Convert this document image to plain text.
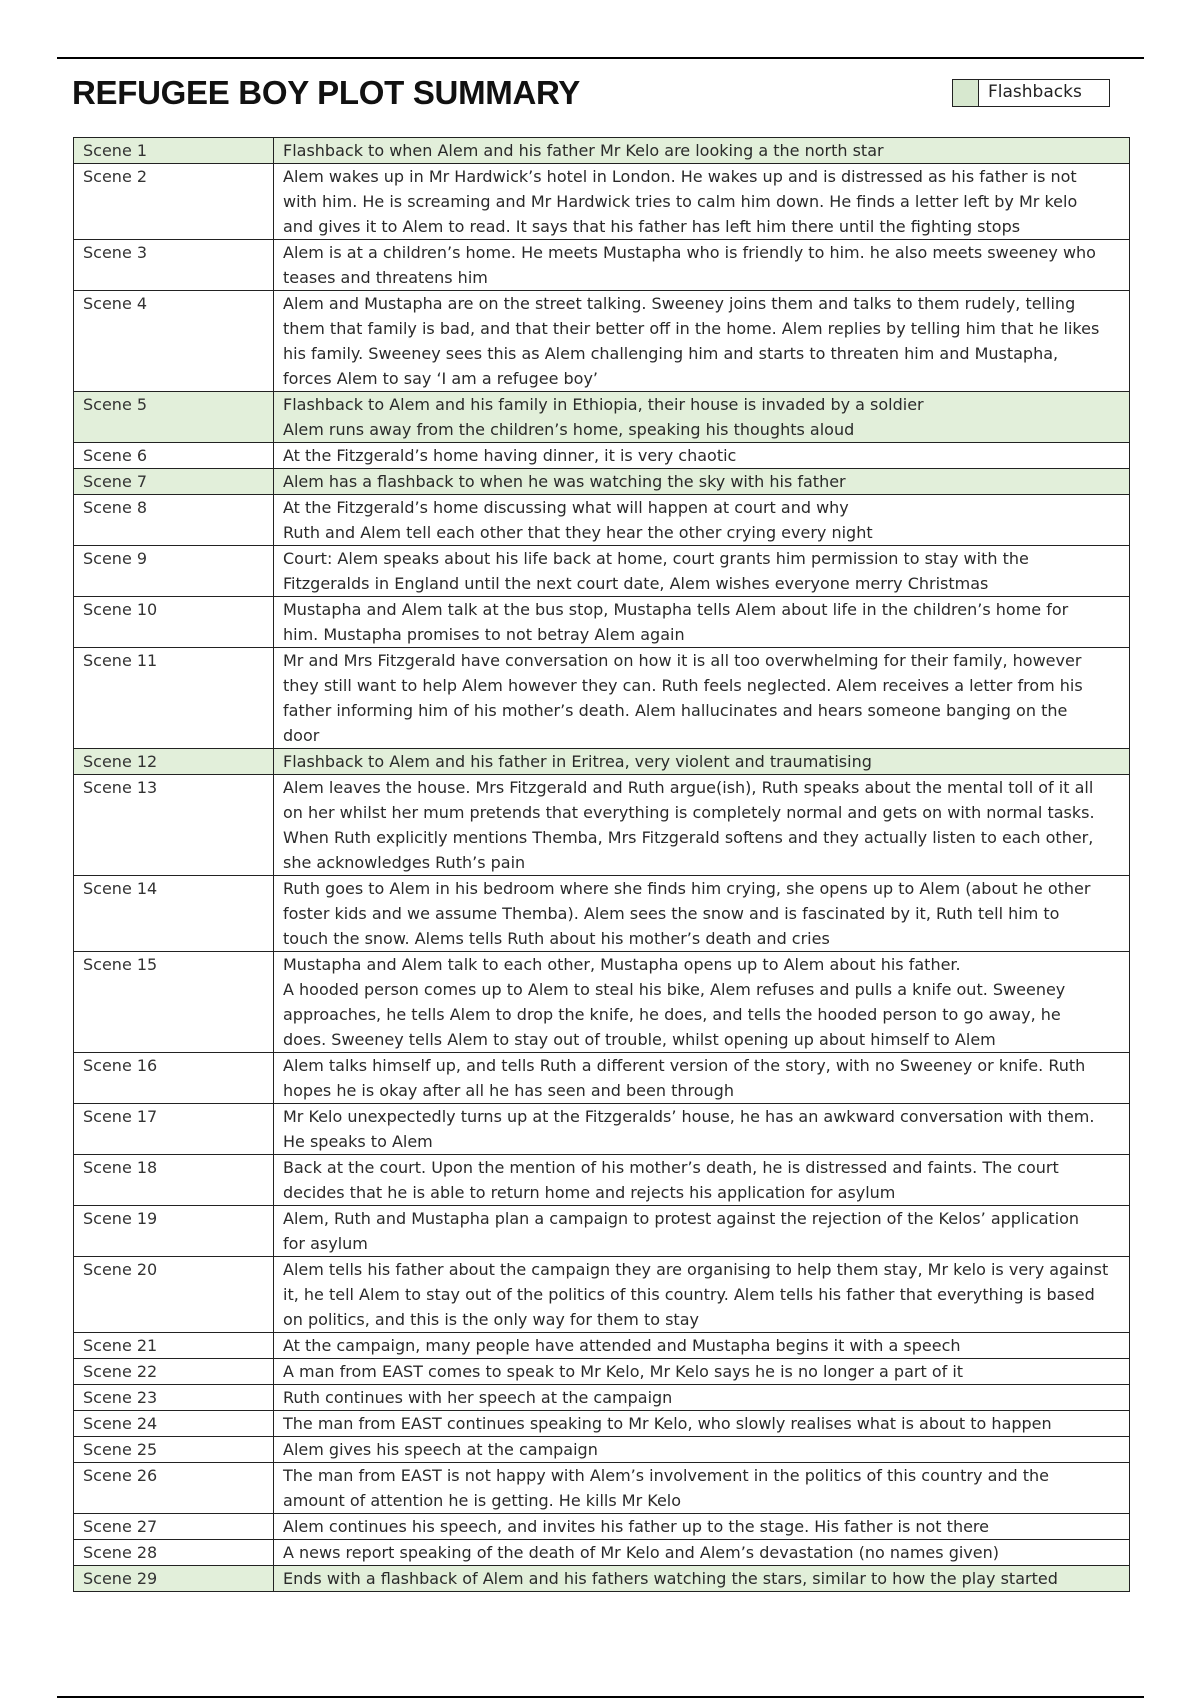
REFUGEE BOY PLOT SUMMARY	Flashbacks
Scene 1	Flashback to when Alem and his father Mr Kelo are looking a the north star

Scene 2	Alem wakes up in Mr Hardwick’s hotel in London. He wakes up and is distressed as his father is not
with him. He is screaming and Mr Hardwick tries to calm him down. He finds a letter left by Mr kelo
and gives it to Alem to read. It says that his father has left him there until the fighting stops

Scene 3	Alem is at a children’s home. He meets Mustapha who is friendly to him. he also meets sweeney who
teases and threatens him

Scene 4	Alem and Mustapha are on the street talking. Sweeney joins them and talks to them rudely, telling
them that family is bad, and that their better off in the home. Alem replies by telling him that he likes
his family. Sweeney sees this as Alem challenging him and starts to threaten him and Mustapha,
forces Alem to say ‘I am a refugee boy’

Scene 5	Flashback to Alem and his family in Ethiopia, their house is invaded by a soldier
Alem runs away from the children’s home, speaking his thoughts aloud

Scene 6	At the Fitzgerald’s home having dinner, it is very chaotic

Scene 7	Alem has a flashback to when he was watching the sky with his father

Scene 8	At the Fitzgerald’s home discussing what will happen at court and why
Ruth and Alem tell each other that they hear the other crying every night

Scene 9	Court: Alem speaks about his life back at home, court grants him permission to stay with the
Fitzgeralds in England until the next court date, Alem wishes everyone merry Christmas

Scene 10	Mustapha and Alem talk at the bus stop, Mustapha tells Alem about life in the children’s home for
him. Mustapha promises to not betray Alem again

Scene 11	Mr and Mrs Fitzgerald have conversation on how it is all too overwhelming for their family, however
they still want to help Alem however they can. Ruth feels neglected. Alem receives a letter from his
father informing him of his mother’s death. Alem hallucinates and hears someone banging on the
door

Scene 12	Flashback to Alem and his father in Eritrea, very violent and traumatising

Scene 13	Alem leaves the house. Mrs Fitzgerald and Ruth argue(ish), Ruth speaks about the mental toll of it all
on her whilst her mum pretends that everything is completely normal and gets on with normal tasks.
When Ruth explicitly mentions Themba, Mrs Fitzgerald softens and they actually listen to each other,
she acknowledges Ruth’s pain

Scene 14	Ruth goes to Alem in his bedroom where she finds him crying, she opens up to Alem (about he other
foster kids and we assume Themba). Alem sees the snow and is fascinated by it, Ruth tell him to
touch the snow. Alems tells Ruth about his mother’s death and cries

Scene 15	Mustapha and Alem talk to each other, Mustapha opens up to Alem about his father.
A hooded person comes up to Alem to steal his bike, Alem refuses and pulls a knife out. Sweeney
approaches, he tells Alem to drop the knife, he does, and tells the hooded person to go away, he
does. Sweeney tells Alem to stay out of trouble, whilst opening up about himself to Alem

Scene 16	Alem talks himself up, and tells Ruth a different version of the story, with no Sweeney or knife. Ruth
hopes he is okay after all he has seen and been through

Scene 17	Mr Kelo unexpectedly turns up at the Fitzgeralds’ house, he has an awkward conversation with them.
He speaks to Alem

Scene 18	Back at the court. Upon the mention of his mother’s death, he is distressed and faints. The court
decides that he is able to return home and rejects his application for asylum

Scene 19	Alem, Ruth and Mustapha plan a campaign to protest against the rejection of the Kelos’ application
for asylum

Scene 20	Alem tells his father about the campaign they are organising to help them stay, Mr kelo is very against
it, he tell Alem to stay out of the politics of this country. Alem tells his father that everything is based
on politics, and this is the only way for them to stay

Scene 21	At the campaign, many people have attended and Mustapha begins it with a speech

Scene 22	A man from EAST comes to speak to Mr Kelo, Mr Kelo says he is no longer a part of it

Scene 23	Ruth continues with her speech at the campaign

Scene 24	The man from EAST continues speaking to Mr Kelo, who slowly realises what is about to happen

Scene 25	Alem gives his speech at the campaign

Scene 26	The man from EAST is not happy with Alem’s involvement in the politics of this country and the
amount of attention he is getting. He kills Mr Kelo

Scene 27	Alem continues his speech, and invites his father up to the stage. His father is not there

Scene 28	A news report speaking of the death of Mr Kelo and Alem’s devastation (no names given)

Scene 29	Ends with a flashback of Alem and his fathers watching the stars, similar to how the play started
